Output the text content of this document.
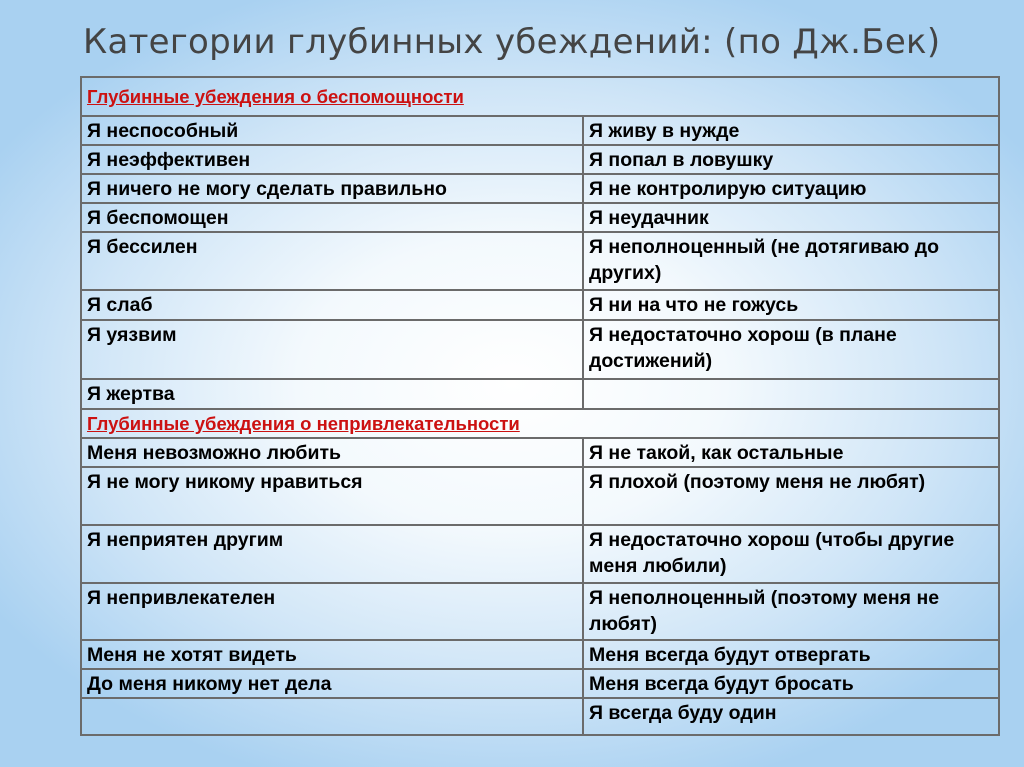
Категории глубинных убеждений: (по Дж.Бек)
Глубинные убеждения о беспомощности	
Я неспособный	Я живу в нужде
Я неэффективен	Я попал в ловушку
Я ничего не могу сделать правильно	Я не контролирую ситуацию
Я беспомощен	Я неудачник
Я бессилен	Я неполноценный (не дотягиваю до других)
Я слаб	Я ни на что не гожусь
Я уязвим	Я недостаточно хорош (в плане достижений)
Я жертва	
Глубинные убеждения о непривлекательности	
Меня невозможно любить	Я не такой, как остальные
Я не могу никому нравиться	Я плохой (поэтому меня не любят)
Я неприятен другим	Я недостаточно хорош (чтобы другие меня любили)
Я непривлекателен	Я неполноценный (поэтому меня не любят)
Меня не хотят видеть	Меня всегда будут отвергать
До меня никому нет дела	Меня всегда будут бросать
	Я всегда буду один
